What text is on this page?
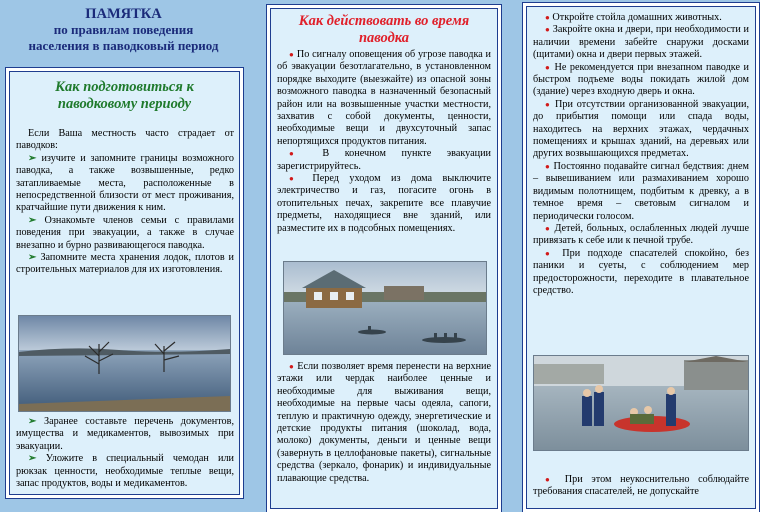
ПАМЯТКА
по правилам поведения
населения в паводковый период
Как подготовиться к
паводковому периоду

Если Ваша местность часто страдает от паводков:

➢ изучите и запомните границы возможного паводка, а также возвышенные, редко затапливаемые места, расположенные в непосредственной близости от мест проживания, кратчайшие пути движения к ним.

➢ Ознакомьте членов семьи с правилами поведения при эвакуации, а также в случае внезапно и бурно развивающегося паводка.

➢ Запомните места хранения лодок, плотов и строительных материалов для их изготовления.

➢ Заранее составьте перечень документов, имущества и медикаментов, вывозимых при эвакуации.

➢ Уложите в специальный чемодан или рюкзак ценности, необходимые теплые вещи, запас продуктов, воды и медикаментов.

Как действовать во время
паводка

● По сигналу оповещения об угрозе паводка и об эвакуации безотлагательно, в установленном порядке выходите (выезжайте) из опасной зоны возможного паводка в назначенный безопасный район или на возвышенные участки местности, захватив с собой документы, ценности, необходимые вещи и двухсуточный запас непортящихся продуктов питания.

● В конечном пункте эвакуации зарегистрируйтесь.

● Перед уходом из дома выключите электричество и газ, погасите огонь в отопительных печах, закрепите все плавучие предметы, находящиеся вне зданий, или разместите их в подсобных помещениях.

● Если позволяет время перенести на верхние этажи или чердак наиболее ценные и необходимые для выживания вещи, необходимые на первые часы одеяла, сапоги, теплую и практичную одежду, энергетические и детские продукты питания (шоколад, вода, молоко) документы, деньги и ценные вещи (завернуть в целлофановые пакеты), сигнальные средства (зеркало, фонарик) и индивидуальные плавающие средства.

● Откройте стойла домашних животных.

● Закройте окна и двери, при необходимости и наличии времени забейте снаружи досками (щитами) окна и двери первых этажей.

● Не рекомендуется при внезапном паводке и быстром подъеме воды покидать жилой дом (здание) через входную дверь и окна.

● При отсутствии организованной эвакуации, до прибытия помощи или спада воды, находитесь на верхних этажах, чердачных помещениях и крышах зданий, на деревьях или других возвышающихся предметах.

● Постоянно подавайте сигнал бедствия: днем – вывешиванием или размахиванием хорошо видимым полотнищем, подбитым к древку, а в темное время – световым сигналом и периодически голосом.

● Детей, больных, ослабленных людей лучше привязать к себе или к печной трубе.

● При подходе спасателей спокойно, без паники и суеты, с соблюдением мер предосторожности, переходите в плавательное средство.

● При этом неукоснительно соблюдайте требования спасателей, не допускайте
